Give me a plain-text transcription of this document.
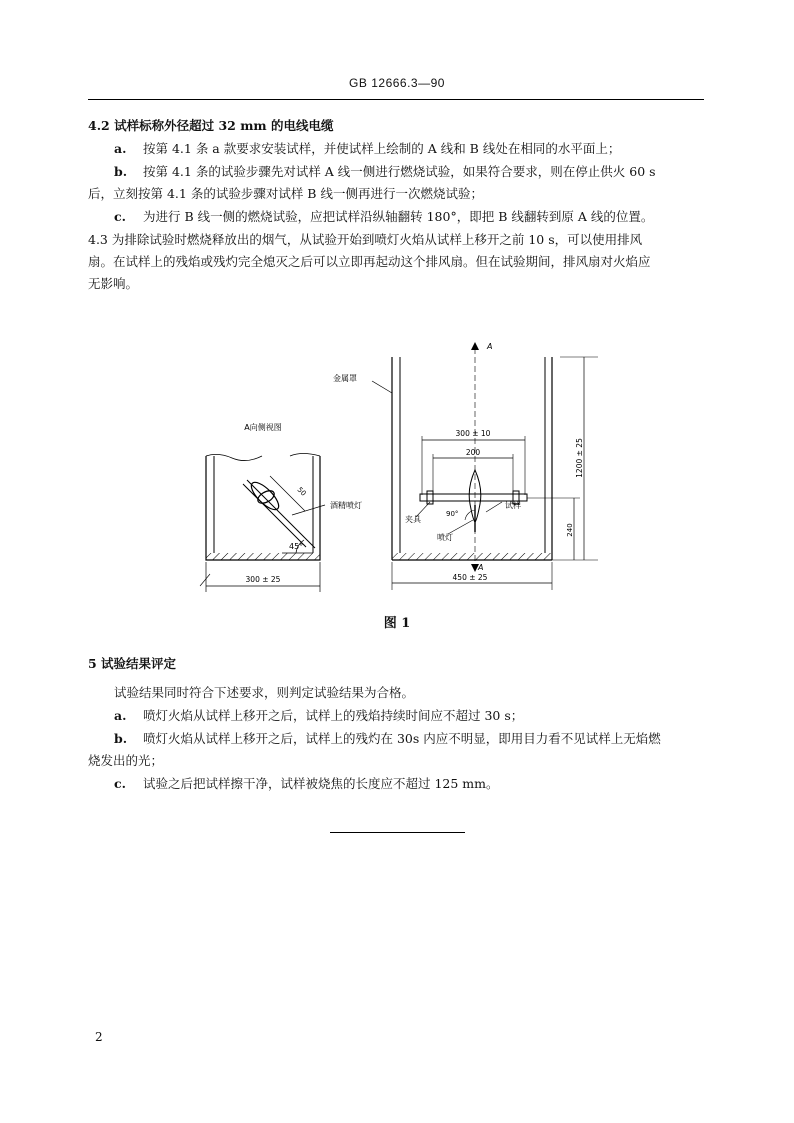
GB 12666.3—90
4.2 试样标称外径超过 32 mm 的电线电缆
a. 按第 4.1 条 a 款要求安装试样，并使试样上绘制的 A 线和 B 线处在相同的水平面上；
b. 按第 4.1 条的试验步骤先对试样 A 线一侧进行燃烧试验，如果符合要求，则在停止供火 60 s
后，立刻按第 4.1 条的试验步骤对试样 B 线一侧再进行一次燃烧试验；
c. 为进行 B 线一侧的燃烧试验，应把试样沿纵轴翻转 180°，即把 B 线翻转到原 A 线的位置。
4.3 为排除试验时燃烧释放出的烟气，从试验开始到喷灯火焰从试样上移开之前 10 s，可以使用排风
扇。在试样上的残焰或残灼完全熄灭之后可以立即再起动这个排风扇。但在试验期间，排风扇对火焰应
无影响。
A向侧视图
酒精喷灯
50
45°
300 ± 25
金属罩
A
A
300 ± 10
200
夹具
90°
喷灯
试样
240
1200 ± 25
450 ± 25
图 1
5 试验结果评定
试验结果同时符合下述要求，则判定试验结果为合格。
a. 喷灯火焰从试样上移开之后，试样上的残焰持续时间应不超过 30 s；
b. 喷灯火焰从试样上移开之后，试样上的残灼在 30s 内应不明显，即用目力看不见试样上无焰燃
烧发出的光；
c. 试验之后把试样擦干净，试样被烧焦的长度应不超过 125 mm。
2
